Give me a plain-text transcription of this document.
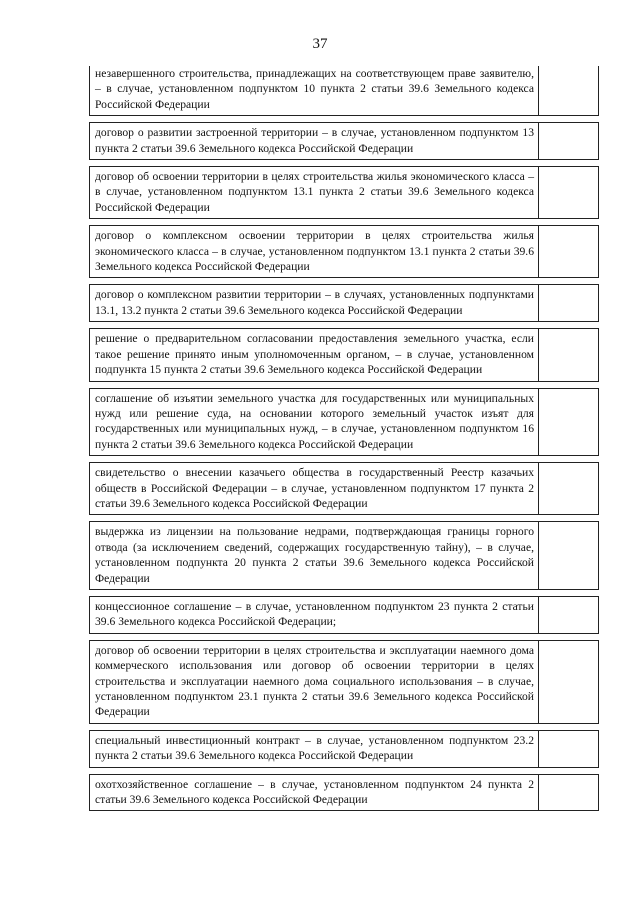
37
незавершенного строительства, принадлежащих на соответствующем праве заявителю, – в случае, установленном подпунктом 10 пункта 2 статьи 39.6 Земельного кодекса Российской Федерации
договор о развитии застроенной территории – в случае, установленном подпунктом 13 пункта 2 статьи 39.6 Земельного кодекса Российской Федерации
договор об освоении территории в целях строительства жилья экономического класса – в случае, установленном подпунктом 13.1 пункта 2 статьи 39.6 Земельного кодекса Российской Федерации
договор о комплексном освоении территории в целях строительства жилья экономического класса – в случае, установленном подпунктом 13.1 пункта 2 статьи 39.6 Земельного кодекса Российской Федерации
договор о комплексном развитии территории – в случаях, установленных подпунктами 13.1, 13.2 пункта 2 статьи 39.6 Земельного кодекса Российской Федерации
решение о предварительном согласовании предоставления земельного участка, если такое решение принято иным уполномоченным органом, – в случае, установленном подпункта 15 пункта 2 статьи 39.6 Земельного кодекса Российской Федерации
соглашение об изъятии земельного участка для государственных или муниципальных нужд или решение суда, на основании которого земельный участок изъят для государственных или муниципальных нужд, – в случае, установленном подпунктом 16 пункта 2 статьи 39.6 Земельного кодекса Российской Федерации
свидетельство о внесении казачьего общества в государственный Реестр казачьих обществ в Российской Федерации – в случае, установленном подпунктом 17 пункта 2 статьи 39.6 Земельного кодекса Российской Федерации
выдержка из лицензии на пользование недрами, подтверждающая границы горного отвода (за исключением сведений, содержащих государственную тайну), – в случае, установленном подпункта 20 пункта 2 статьи 39.6 Земельного кодекса Российской Федерации
концессионное соглашение – в случае, установленном подпунктом 23 пункта 2 статьи 39.6 Земельного кодекса Российской Федерации;
договор об освоении территории в целях строительства и эксплуатации наемного дома коммерческого использования или договор об освоении территории в целях строительства и эксплуатации наемного дома социального использования – в случае, установленном подпунктом 23.1 пункта 2 статьи 39.6 Земельного кодекса Российской Федерации
специальный инвестиционный контракт – в случае, установленном подпунктом 23.2 пункта 2 статьи 39.6 Земельного кодекса Российской Федерации
охотхозяйственное соглашение – в случае, установленном подпунктом 24 пункта 2 статьи 39.6 Земельного кодекса Российской Федерации
